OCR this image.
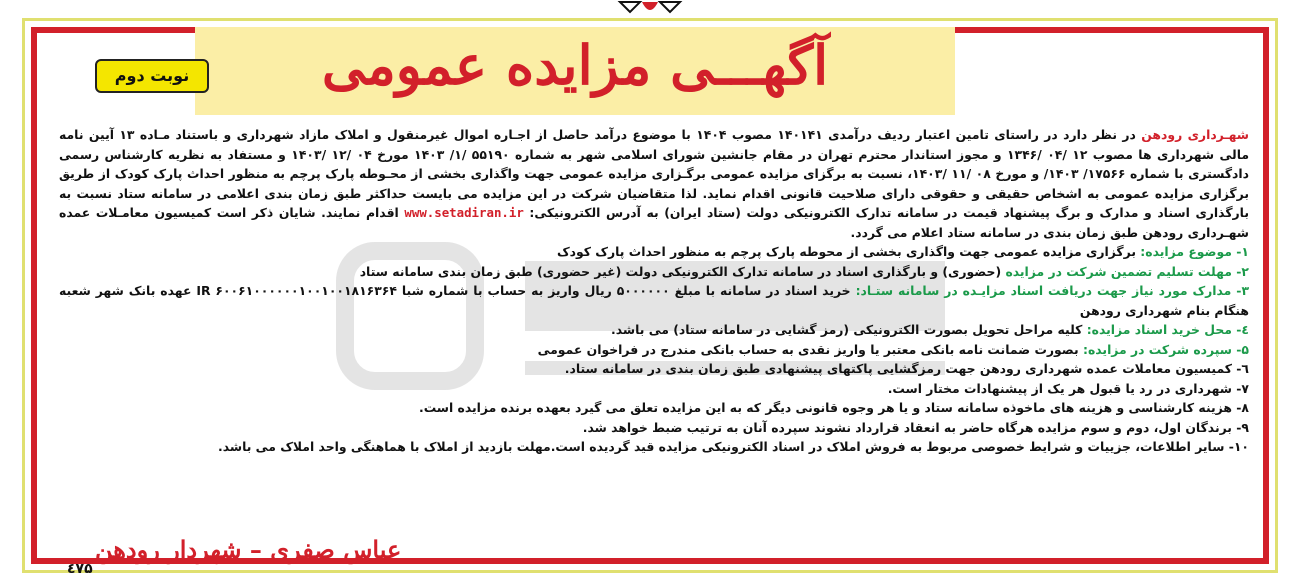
آگهـــی مزایده عمومی
نوبت دوم

شهـرداری رودهن در نظر دارد در راستای تامین اعتبار ردیف درآمدی ۱۴۰۱۴۱ مصوب ۱۴۰۴ با موضوع درآمد حاصل از اجـاره اموال غیرمنقول و املاک مازاد شهرداری و باستناد مـاده ۱۳ آیین نامه مالی شهرداری ها مصوب ۱۲ /۰۴ /۱۳۴۶ و مجوز استاندار محترم تهران در مقام جانشین شورای اسلامی شهر به شماره ۵۵۱۹۰ /۱/ ۱۴۰۳ مورخ ۰۴ /۱۲ /۱۴۰۳ و مستفاد به نظریه کارشناس رسمی دادگستری با شماره ۱۷۵۶۶/ ۱۴۰۳/ و مورخ ۰۸ /۱۱ /۱۴۰۳، نسبت به برگزای مزایده عمومی برگـزاری مزایده عمومی جهت واگذاری بخشی از محـوطه پارک پرچم به منظور احداث پارک کودک از طریق برگزاری مزایده عمومی به اشخاص حقیقی و حقوقی دارای صلاحیت قانونی اقدام نماید. لذا متقاضیان شرکت در این مزایده می بایست حداکثر طبق زمان بندی اعلامی در سامانه ستاد نسبت به بارگذاری اسناد و مدارک و برگ پیشنهاد قیمت در سامانه تدارک الکترونیکی دولت (ستاد ایران) به آدرس الکترونیکی: www.setadiran.ir اقدام نمایند. شایان ذکر است کمیسیون معامـلات عمده شهـرداری رودهن طبق زمان بندی در سامانه ستاد اعلام می گردد.

۱- موضوع مزایده: برگزاری مزایده عمومی جهت واگذاری بخشی از محوطه پارک پرچم به منظور احداث پارک کودک

۲- مهلت تسلیم تضمین شرکت در مزایده (حضوری) و بارگذاری اسناد در سامانه تدارک الکترونیکی دولت (غیر حضوری) طبق زمان بندی سامانه ستاد

۳- مدارک مورد نیاز جهت دریافت اسناد مزایـده در سامانه ستـاد: خرید اسناد در سامانه با مبلغ ۵۰۰۰۰۰۰ ریال واریز به حساب با شماره شبا IR ۶۰۰۶۱۰۰۰۰۰۰۱۰۰۱۰۰۱۸۱۶۳۶۴ عهده بانک شهر شعبه هنگام بنام شهرداری رودهن

٤- محل خرید اسناد مزایده: کلیه مراحل تحویل بصورت الکترونیکی (رمز گشایی در سامانه ستاد) می باشد.

۵- سپرده شرکت در مزایده: بصورت ضمانت نامه بانکی معتبر یا واریز نقدی به حساب بانکی مندرج در فراخوان عمومی

٦- کمیسیون معاملات عمده شهرداری رودهن جهت رمزگشایی پاکتهای پیشنهادی طبق زمان بندی در سامانه ستاد.

۷- شهرداری در رد یا قبول هر یک از پیشنهادات مختار است.

۸- هزینه کارشناسی و هزینه های ماخوذه سامانه ستاد و یا هر وجوه قانونی دیگر که به این مزایده تعلق می گیرد بعهده برنده مزایده است.

۹- برندگان اول، دوم و سوم مزایده هرگاه حاضر به انعقاد قرارداد نشوند سپرده آنان به ترتیب ضبط خواهد شد.

۱۰- سایر اطلاعات، جزییات و شرایط خصوصی مربوط به فروش املاک در اسناد الکترونیکی مزایده قید گردیده است.مهلت بازدید از املاک با هماهنگی واحد املاک می باشد.

عباس صفری – شهردار رودهن
٤٧۵
